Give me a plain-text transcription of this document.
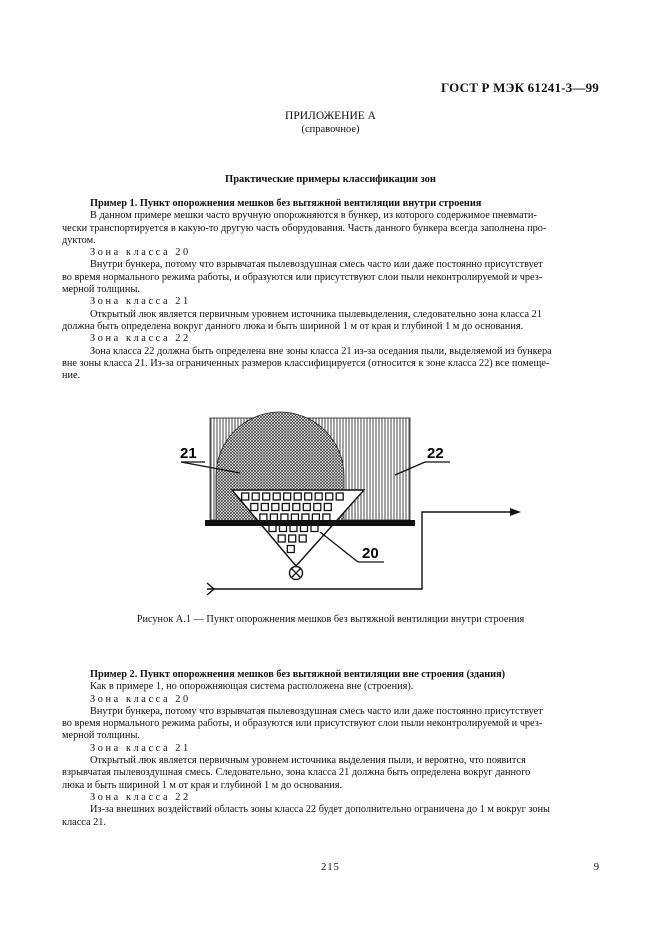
ГОСТ Р МЭК 61241-3—99
ПРИЛОЖЕНИЕ А
(справочное)
Практические примеры классификации зон

Пример 1. Пункт опорожнения мешков без вытяжной вентиляции внутри строения

В данном примере мешки часто вручную опорожняются в бункер, из которого содержимое пневмати-

чески транспортируется в какую-то другую часть оборудования. Часть данного бункера всегда заполнена про-

дуктом.

Зона класса 20

Внутри бункера, потому что взрывчатая пылевоздушная смесь часто или даже постоянно присутствует

во время нормального режима работы, и образуются или присутствуют слои пыли неконтролируемой и чрез-

мерной толщины.

Зона класса 21

Открытый люк является первичным уровнем источника пылевыделения, следовательно зона класса 21

должна быть определена вокруг данного люка и быть шириной 1 м от края и глубиной 1 м до основания.

Зона класса 22

Зона класса 22 должна быть определена вне зоны класса 21 из-за оседания пыли, выделяемой из бункера

вне зоны класса 21. Из-за ограниченных размеров классифицируется (относится к зоне класса 22) все помеще-

ние.

21	22
20
Рисунок А.1 — Пункт опорожнения мешков без вытяжной вентиляции внутри строения

Пример 2. Пункт опорожнения мешков без вытяжной вентиляции вне строения (здания)

Как в примере 1, но опорожняющая система расположена вне (строения).

Зона класса 20

Внутри бункера, потому что взрывчатая пылевоздушная смесь часто или даже постоянно присутствует

во время нормального режима работы, и образуются или присутствуют слои пыли неконтролируемой и чрез-

мерной толщины.

Зона класса 21

Открытый люк является первичным уровнем источника выделения пыли, и вероятно, что появится

взрывчатая пылевоздушная смесь. Следовательно, зона класса 21 должна быть определена вокруг данного

люка и быть шириной 1 м от края и глубиной 1 м до основания.

Зона класса 22

Из-за внешних воздействий область зоны класса 22 будет дополнительно ограничена до 1 м вокруг зоны

класса 21.

215	9
